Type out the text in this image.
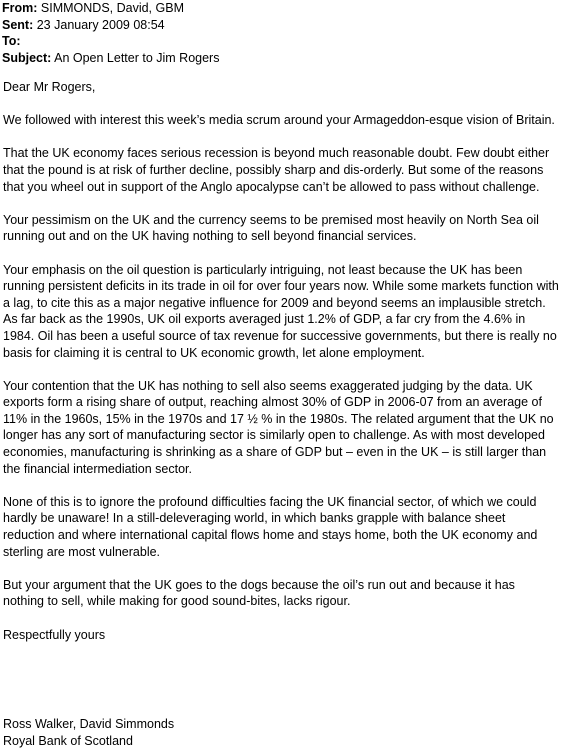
From: SIMMONDS, David, GBM
Sent: 23 January 2009 08:54
To:
Subject: An Open Letter to Jim Rogers

Dear Mr Rogers,

We followed with interest this week’s media scrum around your Armageddon-esque vision of Britain.

That the UK economy faces serious recession is beyond much reasonable doubt. Few doubt either that the pound is at risk of further decline, possibly sharp and dis-orderly. But some of the reasons that you wheel out in support of the Anglo apocalypse can’t be allowed to pass without challenge.

Your pessimism on the UK and the currency seems to be premised most heavily on North Sea oil running out and on the UK having nothing to sell beyond financial services.

Your emphasis on the oil question is particularly intriguing, not least because the UK has been running persistent deficits in its trade in oil for over four years now. While some markets function with a lag, to cite this as a major negative influence for 2009 and beyond seems an implausible stretch. As far back as the 1990s, UK oil exports averaged just 1.2% of GDP, a far cry from the 4.6% in 1984. Oil has been a useful source of tax revenue for successive governments, but there is really no basis for claiming it is central to UK economic growth, let alone employment.

Your contention that the UK has nothing to sell also seems exaggerated judging by the data. UK exports form a rising share of output, reaching almost 30% of GDP in 2006-07 from an average of 11% in the 1960s, 15% in the 1970s and 17 ½ % in the 1980s. The related argument that the UK no longer has any sort of manufacturing sector is similarly open to challenge. As with most developed economies, manufacturing is shrinking as a share of GDP but – even in the UK – is still larger than the financial intermediation sector.

None of this is to ignore the profound difficulties facing the UK financial sector, of which we could hardly be unaware! In a still-deleveraging world, in which banks grapple with balance sheet reduction and where international capital flows home and stays home, both the UK economy and sterling are most vulnerable.

But your argument that the UK goes to the dogs because the oil’s run out and because it has nothing to sell, while making for good sound-bites, lacks rigour.

Respectfully yours

Ross Walker, David Simmonds
Royal Bank of Scotland
